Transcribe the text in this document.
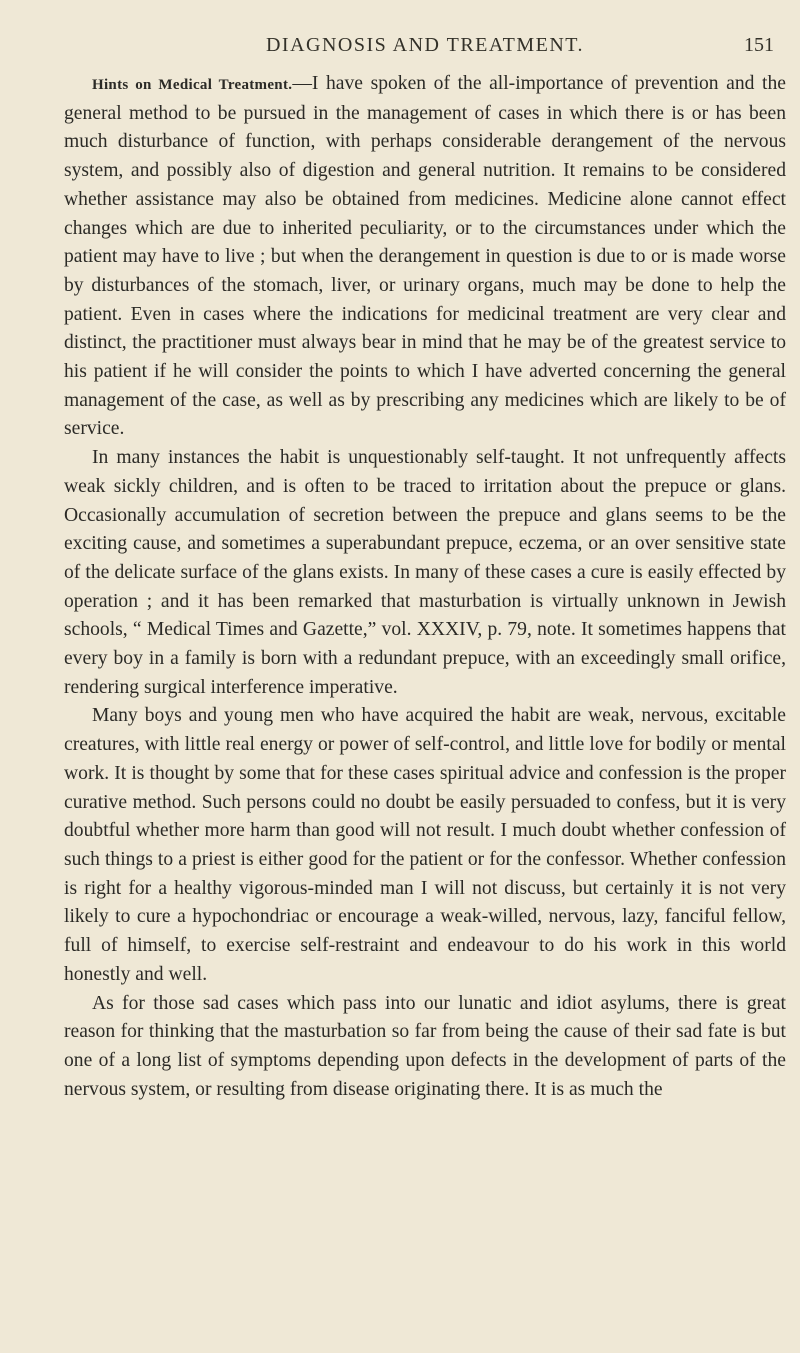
DIAGNOSIS AND TREATMENT.	151

Hints on Medical Treatment.—I have spoken of the all-importance of prevention and the general method to be pursued in the management of cases in which there is or has been much disturbance of function, with perhaps considerable derangement of the nervous system, and possibly also of digestion and general nutrition. It remains to be considered whether assistance may also be obtained from medicines. Medicine alone cannot effect changes which are due to inherited peculiarity, or to the circumstances under which the patient may have to live ; but when the derangement in question is due to or is made worse by disturbances of the stomach, liver, or urinary organs, much may be done to help the patient. Even in cases where the indications for medicinal treatment are very clear and distinct, the practitioner must always bear in mind that he may be of the greatest service to his patient if he will consider the points to which I have adverted concerning the general management of the case, as well as by prescribing any medicines which are likely to be of service.

In many instances the habit is unquestionably self-taught. It not unfrequently affects weak sickly children, and is often to be traced to irritation about the prepuce or glans. Occasionally accumulation of secretion between the prepuce and glans seems to be the exciting cause, and sometimes a superabundant prepuce, eczema, or an over sensitive state of the delicate surface of the glans exists. In many of these cases a cure is easily effected by operation ; and it has been remarked that masturbation is virtually unknown in Jewish schools, “ Medical Times and Gazette,” vol. XXXIV, p. 79, note. It sometimes happens that every boy in a family is born with a redundant prepuce, with an exceedingly small orifice, rendering surgical interference imperative.

Many boys and young men who have acquired the habit are weak, nervous, excitable creatures, with little real energy or power of self-control, and little love for bodily or mental work. It is thought by some that for these cases spiritual advice and confession is the proper curative method. Such persons could no doubt be easily persuaded to confess, but it is very doubtful whether more harm than good will not result. I much doubt whether confession of such things to a priest is either good for the patient or for the confessor. Whether confession is right for a healthy vigorous-minded man I will not discuss, but certainly it is not very likely to cure a hypochondriac or encourage a weak-willed, nervous, lazy, fanciful fellow, full of himself, to exercise self-restraint and endeavour to do his work in this world honestly and well.

As for those sad cases which pass into our lunatic and idiot asylums, there is great reason for thinking that the masturbation so far from being the cause of their sad fate is but one of a long list of symptoms depending upon defects in the development of parts of the nervous system, or resulting from disease originating there. It is as much the
